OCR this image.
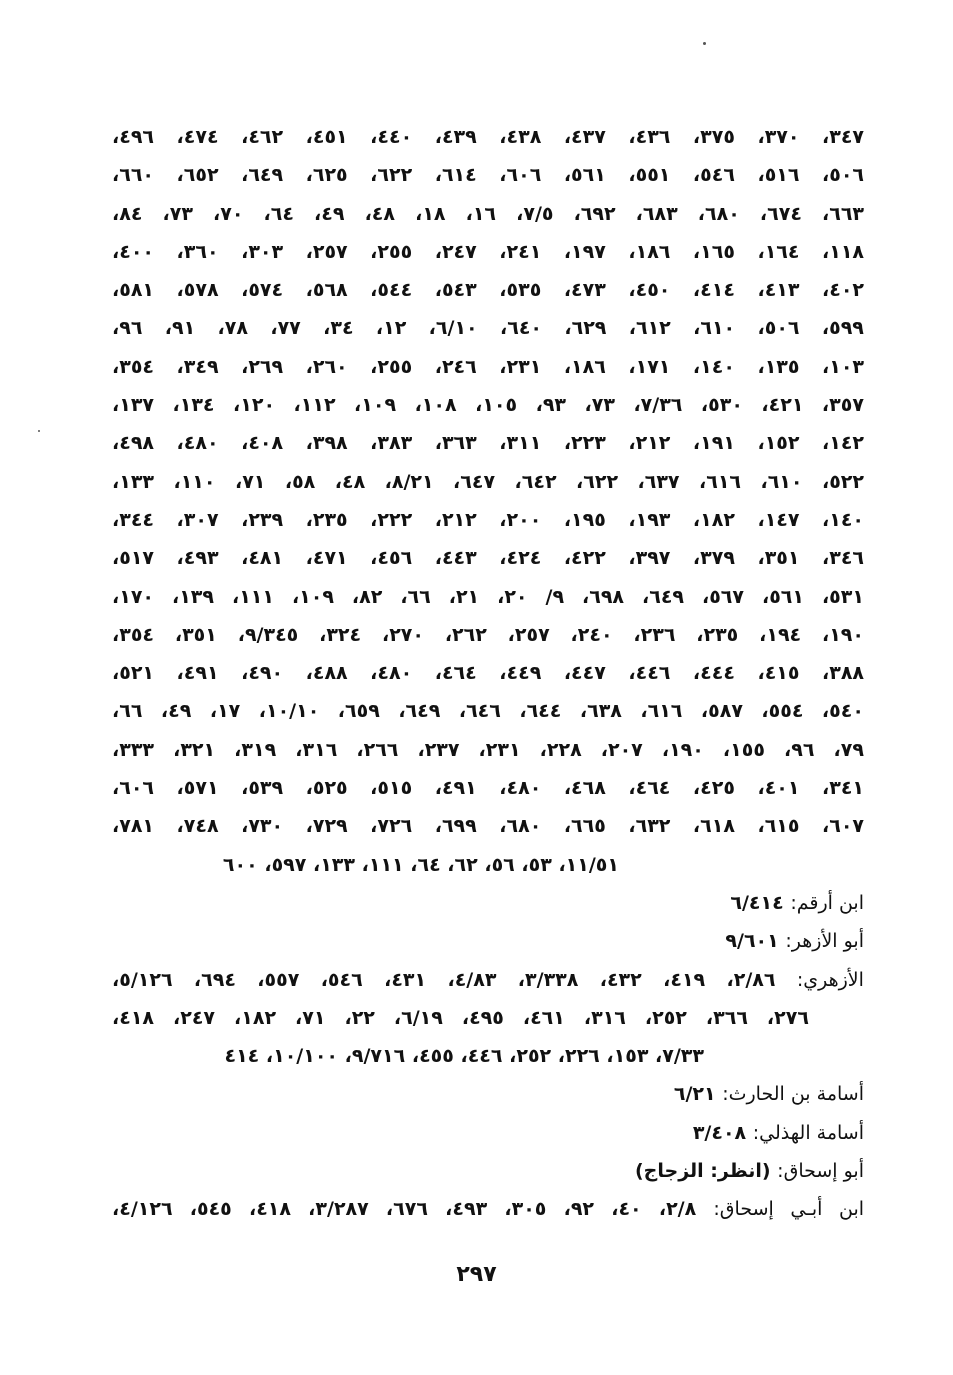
٣٤٧، ٣٧٠، ٣٧٥، ٤٣٦، ٤٣٧، ٤٣٨، ٤٣٩، ٤٤٠، ٤٥١، ٤٦٢، ٤٧٤، ٤٩٦،
٥٠٦، ٥١٦، ٥٤٦، ٥٥١، ٥٦١، ٦٠٦، ٦١٤، ٦٢٢، ٦٢٥، ٦٤٩، ٦٥٢، ٦٦٠،
٦٦٣، ٦٧٤، ٦٨٠، ٦٨٣، ٦٩٢، ٧/٥، ١٦، ١٨، ٤٨، ٤٩، ٦٤، ٧٠، ٧٣، ٨٤،
١١٨، ١٦٤، ١٦٥، ١٨٦، ١٩٧، ٢٤١، ٢٤٧، ٢٥٥، ٢٥٧، ٣٠٣، ٣٦٠، ٤٠٠،
٤٠٢، ٤١٣، ٤١٤، ٤٥٠، ٤٧٣، ٥٣٥، ٥٤٣، ٥٤٤، ٥٦٨، ٥٧٤، ٥٧٨، ٥٨١،
٥٩٩، ٥٠٦، ٦١٠، ٦١٢، ٦٢٩، ٦٤٠، ٦/١٠، ١٢، ٣٤، ٧٧، ٧٨، ٩١، ٩٦،
١٠٣، ١٣٥، ١٤٠، ١٧١، ١٨٦، ٢٣١، ٢٤٦، ٢٥٥، ٢٦٠، ٢٦٩، ٣٤٩، ٣٥٤،
٣٥٧، ٤٢١، ٥٣٠، ٧/٣٦، ٧٣، ٩٣، ١٠٥، ١٠٨، ١٠٩، ١١٢، ١٢٠، ١٣٤، ١٣٧،
١٤٢، ١٥٢، ١٩١، ٢١٢، ٢٢٣، ٣١١، ٣٦٣، ٣٨٣، ٣٩٨، ٤٠٨، ٤٨٠، ٤٩٨،
٥٢٢، ٦١٠، ٦١٦، ٦٣٧، ٦٢٢، ٦٤٢، ٦٤٧، ٨/٢١، ٤٨، ٥٨، ٧١، ١١٠، ١٣٣،
١٤٠، ١٤٧، ١٨٢، ١٩٣، ١٩٥، ٢٠٠، ٢١٢، ٢٢٢، ٢٣٥، ٢٣٩، ٣٠٧، ٣٤٤،
٣٤٦، ٣٥١، ٣٧٩، ٣٩٧، ٤٢٢، ٤٢٤، ٤٤٣، ٤٥٦، ٤٧١، ٤٨١، ٤٩٣، ٥١٧،
٥٣١، ٥٦١، ٥٦٧، ٦٤٩، ٦٩٨، ٩/ ٢٠، ٢١، ٦٦، ٨٢، ١٠٩، ١١١، ١٣٩، ١٧٠،
١٩٠، ١٩٤، ٢٣٥، ٢٣٦، ٢٤٠، ٢٥٧، ٢٦٢، ٢٧٠، ٣٢٤، ٩/٣٤٥، ٣٥١، ٣٥٤،
٣٨٨، ٤١٥، ٤٤٤، ٤٤٦، ٤٤٧، ٤٤٩، ٤٦٤، ٤٨٠، ٤٨٨، ٤٩٠، ٤٩١، ٥٢١،
٥٤٠، ٥٥٤، ٥٨٧، ٦١٦، ٦٣٨، ٦٤٤، ٦٤٦، ٦٤٩، ٦٥٩، ١٠/١٠، ١٧، ٤٩، ٦٦،
٧٩، ٩٦، ١٥٥، ١٩٠، ٢٠٧، ٢٢٨، ٢٣١، ٢٣٧، ٢٦٦، ٣١٦، ٣١٩، ٣٢١، ٣٣٣،
٣٤١، ٤٠١، ٤٢٥، ٤٦٤، ٤٦٨، ٤٨٠، ٤٩١، ٥١٥، ٥٢٥، ٥٣٩، ٥٧١، ٦٠٦،
٦٠٧، ٦١٥، ٦١٨، ٦٣٢، ٦٦٥، ٦٨٠، ٦٩٩، ٧٢٦، ٧٢٩، ٧٣٠، ٧٤٨، ٧٨١،
١١/٥١، ٥٣، ٥٦، ٦٢، ٦٤، ١١١، ١٣٣، ٥٩٧، ٦٠٠
ابن أرقم: ٦/٤١٤
أبو الأزهر: ٩/٦٠١
الأزهري: ٢/٨٦، ٤١٩، ٤٣٢، ٣/٣٣٨، ٤/٨٣، ٤٣١، ٥٤٦، ٥٥٧، ٦٩٤، ٥/١٢٦،
٢٧٦، ٣٦٦، ٢٥٢، ٣١٦، ٤٦١، ٤٩٥، ٦/١٩، ٢٢، ٧١، ١٨٢، ٢٤٧، ٤١٨،
٧/٣٣، ١٥٣، ٢٢٦، ٢٥٢، ٤٤٦، ٤٥٥، ٩/٧١٦، ١٠/١٠٠، ٤١٤
أسامة بن الحارث: ٦/٢١
أسامة الهذلي: ٣/٤٠٨
أبو إسحاق: (انظر: الزجاج)
ابن أبـي إسحاق: ٢/٨، ٤٠، ٩٢، ٣٠٥، ٤٩٣، ٦٧٦، ٣/٢٨٧، ٤١٨، ٥٤٥، ٤/١٢٦،
٢٩٧
